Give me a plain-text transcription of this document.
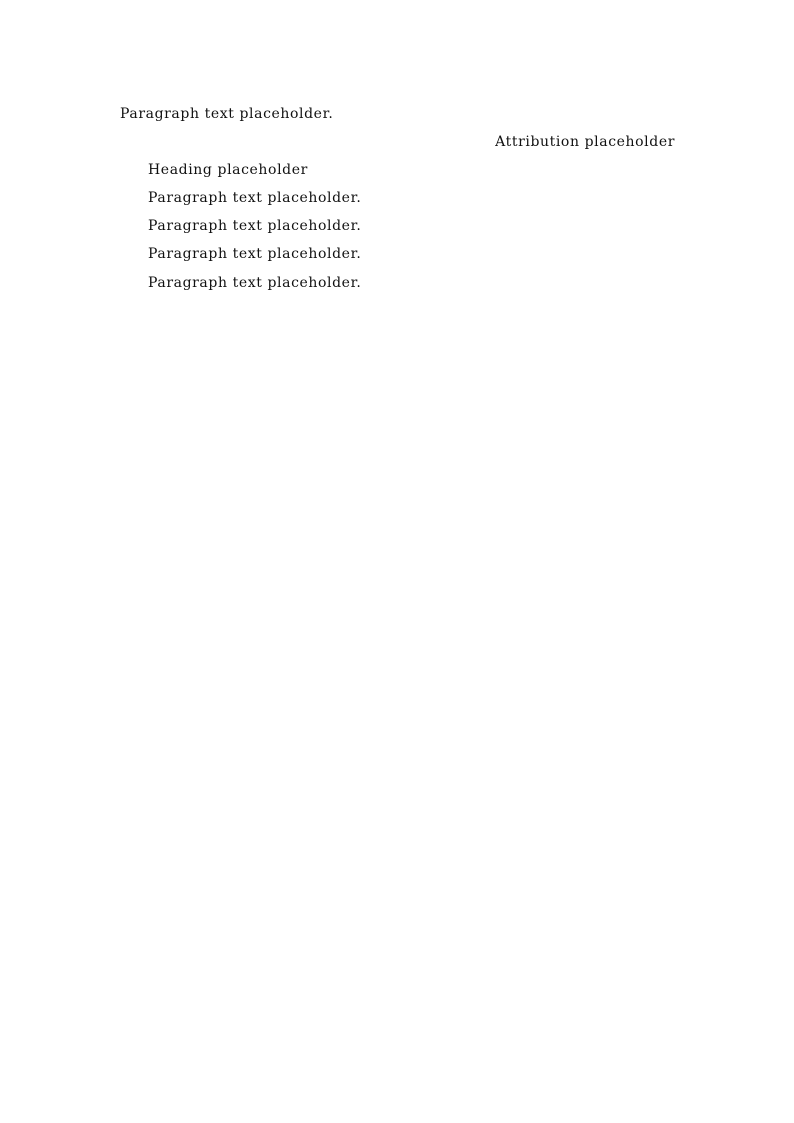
Paragraph text placeholder.

Attribution placeholder

Heading placeholder

Paragraph text placeholder.

Paragraph text placeholder.

Paragraph text placeholder.

Paragraph text placeholder.
